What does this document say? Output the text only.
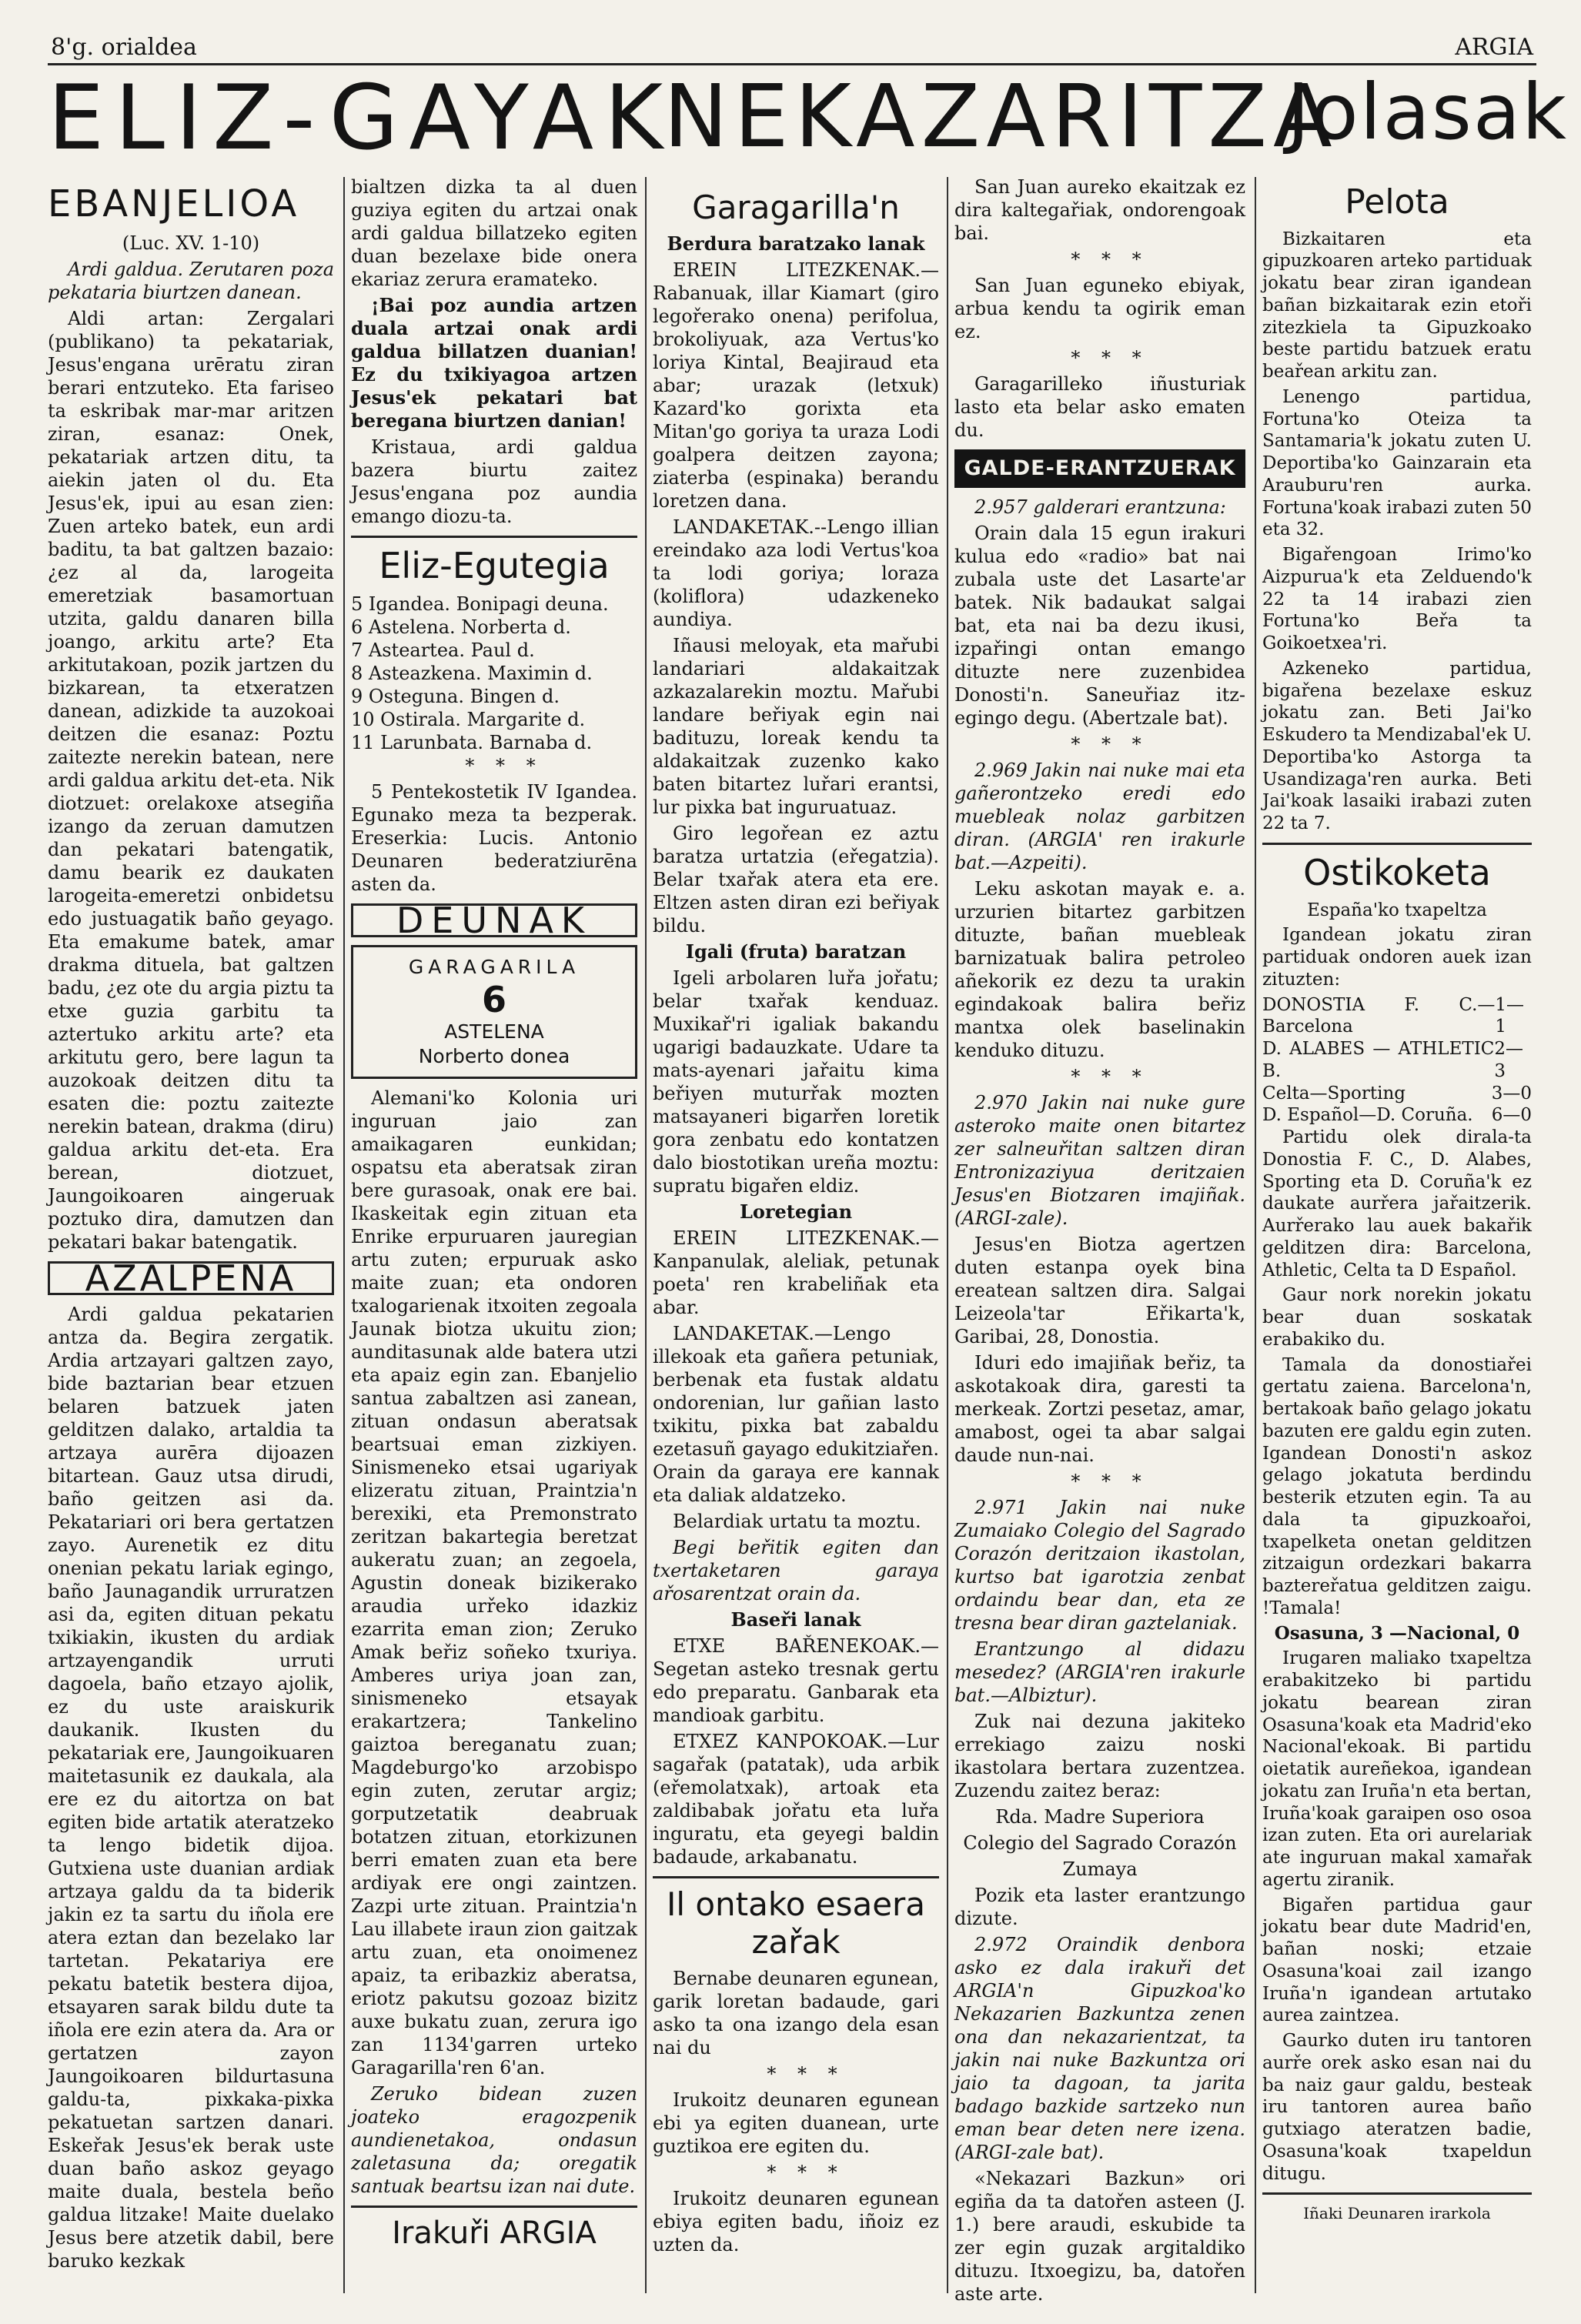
8'g. orialdea	ARGIA
ELIZ-GAYAK
NEKAZARITZA
Jolasak
EBANJELIOA

(Luc. XV. 1-10)

Ardi galdua. Zerutaren poza pekataria biurtzen danean.

Aldi artan: Zergalari (publikano) ta pekatariak, Jesus'engana urēratu ziran berari entzuteko. Eta fariseo ta eskribak mar-mar aritzen ziran, esanaz: Onek, pekatariak artzen ditu, ta aiekin jaten ol du. Eta Jesus'ek, ipui au esan zien: Zuen arteko batek, eun ardi baditu, ta bat galtzen bazaio: ¿ez al da, larogeita emeretziak basamortuan utzita, galdu danaren billa joango, arkitu arte? Eta arkitutakoan, pozik jartzen du bizkarean, ta etxeratzen danean, adizkide ta auzokoai deitzen die esanaz: Poztu zaitezte nerekin batean, nere ardi galdua arkitu det-eta. Nik diotzuet: orelakoxe atsegiña izango da zeruan damutzen dan pekatari batengatik, damu bearik ez daukaten larogeita-emeretzi onbidetsu edo justuagatik baño geyago. Eta emakume batek, amar drakma dituela, bat galtzen badu, ¿ez ote du argia piztu ta etxe guzia garbitu ta aztertuko arkitu arte? eta arkitutu gero, bere lagun ta auzokoak deitzen ditu ta esaten die: poztu zaitezte nerekin batean, drakma (diru) galdua arkitu det-eta. Era berean, diotzuet, Jaungoikoaren aingeruak poztuko dira, damutzen dan pekatari bakar batengatik.

AZALPENA

Ardi galdua pekatarien antza da. Begira zergatik. Ardia artzayari galtzen zayo, bide baztarian bear etzuen belaren batzuek jaten gelditzen dalako, artaldia ta artzaya aurēra dijoazen bitartean. Gauz utsa dirudi, baño geitzen asi da. Pekatariari ori bera gertatzen zayo. Aurenetik ez ditu onenian pekatu lariak egingo, baño Jaunagandik urruratzen asi da, egiten dituan pekatu txikiakin, ikusten du ardiak artzayengandik urruti dagoela, baño etzayo ajolik, ez du uste araiskurik daukanik. Ikusten du pekatariak ere, Jaungoikuaren maitetasunik ez daukala, ala ere ez du aitortza on bat egiten bide artatik ateratzeko ta lengo bidetik dijoa. Gutxiena uste duanian ardiak artzaya galdu da ta biderik jakin ez ta sartu du iñola ere atera eztan dan bezelako lar tartetan. Pekatariya ere pekatu batetik bestera dijoa, etsayaren sarak bildu dute ta iñola ere ezin atera da. Ara or gertatzen zayon Jaungoikoaren bildurtasuna galdu-ta, pixkaka-pixka pekatuetan sartzen danari. Eskeřak Jesus'ek berak uste duan baño askoz geyago maite duala, bestela beño galdua litzake! Maite duelako Jesus bere atzetik dabil, bere baruko kezkak

bialtzen dizka ta al duen guziya egiten du artzai onak ardi galdua billatzeko egiten duan bezelaxe bide onera ekariaz zerura eramateko.

¡Bai poz aundia artzen duala artzai onak ardi galdua billatzen duanian! Ez du txikiyagoa artzen Jesus'ek pekatari bat beregana biurtzen danian!

Kristaua, ardi galdua bazera biurtu zaitez Jesus'engana poz aundia emango diozu-ta.

Eliz-Egutegia
5 Igandea. Bonipagi deuna.
6 Astelena. Norberta d.
7 Asteartea. Paul d.
8 Asteazkena. Maximin d.
9 Osteguna. Bingen d.
10 Ostirala. Margarite d.
11 Larunbata. Barnaba d.

* * *

5 Pentekostetik IV Igandea. Egunako meza ta bezperak. Ereserkia: Lucis. Antonio Deunaren bederatziurēna asten da.

DEUNAK
GARAGARILA
6
ASTELENA
Norberto donea

Alemani'ko Kolonia uri inguruan jaio zan amaikagaren eunkidan; ospatsu eta aberatsak ziran bere gurasoak, onak ere bai. Ikaskeitak egin zituan eta Enrike erpuruaren jauregian artu zuten; erpuruak asko maite zuan; eta ondoren txalogarienak itxoiten zegoala Jaunak biotza ukuitu zion; aunditasunak alde batera utzi eta apaiz egin zan. Ebanjelio santua zabaltzen asi zanean, zituan ondasun aberatsak beartsuai eman zizkiyen. Sinismeneko etsai ugariyak elizeratu zituan, Praintzia'n berexiki, eta Premonstrato zeritzan bakartegia beretzat aukeratu zuan; an zegoela, Agustin doneak bizikerako araudia urřeko idazkiz ezarrita eman zion; Zeruko Amak beřiz soñeko txuriya. Amberes uriya joan zan, sinismeneko etsayak erakartzera; Tankelino gaiztoa bereganatu zuan; Magdeburgo'ko arzobispo egin zuten, zerutar argiz; gorputzetatik deabruak botatzen zituan, etorkizunen berri ematen zuan eta bere ardiyak ere ongi zaintzen. Zazpi urte zituan. Praintzia'n Lau illabete iraun zion gaitzak artu zuan, eta onoimenez apaiz, ta eribazkiz aberatsa, eriotz pakutsu gozoaz bizitz auxe bukatu zuan, zerura igo zan 1134'garren urteko Garagarilla'ren 6'an.

Zeruko bidean zuzen joateko eragozpenik aundienetakoa, ondasun zaletasuna da; oregatik santuak beartsu izan nai dute.

Irakuři ARGIA
Garagarilla'n

Berdura baratzako lanak

EREIN LITEZKENAK.—Rabanuak, illar Kiamart (giro legořerako onena) perifolua, brokoliyuak, aza Vertus'ko loriya Kintal, Beajiraud eta abar; urazak (letxuk) Kazard'ko gorixta eta Mitan'go goriya ta uraza Lodi goalpera deitzen zayona; ziaterba (espinaka) berandu loretzen dana.

LANDAKETAK.--Lengo illian ereindako aza lodi Vertus'koa ta lodi goriya; loraza (koliflora) udazkeneko aundiya.

Iñausi meloyak, eta mařubi landariari aldakaitzak azkazalarekin moztu. Mařubi landare beřiyak egin nai badituzu, loreak kendu ta aldakaitzak zuzenko kako baten bitartez luřari erantsi, lur pixka bat inguruatuaz.

Giro legořean ez aztu baratza urtatzia (eřegatzia). Belar txařak atera eta ere. Eltzen asten diran ezi beřiyak bildu.

Igali (fruta) baratzan

Igeli arbolaren luřa jořatu; belar txařak kenduaz. Muxikař'ri igaliak bakandu ugarigi badauzkate. Udare ta mats-ayenari jařaitu kima beřiyen muturřak mozten matsayaneri bigarřen loretik gora zenbatu edo kontatzen dalo biostotikan ureña moztu: supratu bigařen eldiz.

Loretegian

EREIN LITEZKENAK.—Kanpanulak, aleliak, petunak poeta' ren krabeliñak eta abar.

LANDAKETAK.—Lengo illekoak eta gañera petuniak, berbenak eta fustak aldatu ondorenian, lur gañian lasto txikitu, pixka bat zabaldu ezetasuñ gayago edukitziařen. Orain da garaya ere kannak eta daliak aldatzeko.

Belardiak urtatu ta moztu.

Begi beřitik egiten dan txertaketaren garaya ařosarentzat orain da.

Baseři lanak

ETXE BAŘENEKOAK.—Segetan asteko tresnak gertu edo preparatu. Ganbarak eta mandioak garbitu.

ETXEZ KANPOKOAK.—Lur sagařak (patatak), uda arbik (eřemolatxak), artoak eta zaldibabak jořatu eta luřa inguratu, eta geyegi baldin badaude, arkabanatu.

Il ontako esaera zařak

Bernabe deunaren egunean, garik loretan badaude, gari asko ta ona izango dela esan nai du

* * *

Irukoitz deunaren egunean ebi ya egiten duanean, urte guztikoa ere egiten du.

* * *

Irukoitz deunaren egunean ebiya egiten badu, iñoiz ez uzten da.

San Juan aureko ekaitzak ez dira kaltegařiak, ondorengoak bai.

* * *

San Juan eguneko ebiyak, arbua kendu ta ogirik eman ez.

* * *

Garagarilleko iñusturiak lasto eta belar asko ematen du.

GALDE-ERANTZUERAK

2.957 galderari erantzuna:

Orain dala 15 egun irakuri kulua edo «radio» bat nai zubala uste det Lasarte'ar batek. Nik badaukat salgai bat, eta nai ba dezu ikusi, izpařingi ontan emango dituzte nere zuzenbidea Donosti'n. Saneuřiaz itz-egingo degu. (Abertzale bat).

* * *

2.969 Jakin nai nuke mai eta gañerontzeko eredi edo muebleak nolaz garbitzen diran. (ARGIA' ren irakurle bat.—Azpeiti).

Leku askotan mayak e. a. urzurien bitartez garbitzen dituzte, bañan muebleak barnizatuak balira petroleo añekorik ez dezu ta urakin egindakoak balira beřiz mantxa olek baselinakin kenduko dituzu.

* * *

2.970 Jakin nai nuke gure asteroko maite onen bitartez zer salneuřitan saltzen diran Entronizaziyua deritzaien Jesus'en Biotzaren imajiñak. (ARGI-zale).

Jesus'en Biotza agertzen duten estanpa oyek bina ereatean saltzen dira. Salgai Leizeola'tar Eřikarta'k, Garibai, 28, Donostia.

Iduri edo imajiñak beřiz, ta askotakoak dira, garesti ta merkeak. Zortzi pesetaz, amar, amabost, ogei ta abar salgai daude nun-nai.

* * *

2.971 Jakin nai nuke Zumaiako Colegio del Sagrado Corazón deritzaion ikastolan, kurtso bat igarotzia zenbat ordaindu bear dan, eta ze tresna bear diran gaztelaniak.

Erantzungo al didazu mesedez? (ARGIA'ren irakurle bat.—Albiztur).

Zuk nai dezuna jakiteko errekiago zaizu noski ikastolara bertara zuzentzea. Zuzendu zaitez beraz:

Rda. Madre Superiora

Colegio del Sagrado Corazón

Zumaya

Pozik eta laster erantzungo dizute.

2.972 Oraindik denbora asko ez dala irakuři det ARGIA'n Gipuzkoa'ko Nekazarien Bazkuntza zenen ona dan nekazarientzat, ta jakin nai nuke Bazkuntza ori jaio ta dagoan, ta jarita badago bazkide sartzeko nun eman bear deten nere izena. (ARGI-zale bat).

«Nekazari Bazkun» ori egiña da ta datořen asteen (J. 1.) bere araudi, eskubide ta zer egin guzak argitaldiko dituzu. Itxoegizu, ba, datořen aste arte.

Pelota

Bizkaitaren eta gipuzkoaren arteko partiduak jokatu bear ziran igandean bañan bizkaitarak ezin etoři zitezkiela ta Gipuzkoako beste partidu batzuek eratu beařean arkitu zan.

Lenengo partidua, Fortuna'ko Oteiza ta Santamaria'k jokatu zuten U. Deportiba'ko Gainzarain eta Arauburu'ren aurka. Fortuna'koak irabazi zuten 50 eta 32.

Bigařengoan Irimo'ko Aizpurua'k eta Zelduendo'k 22 ta 14 irabazi zien Fortuna'ko Beřa ta Goikoetxea'ri.

Azkeneko partidua, bigařena bezelaxe eskuz jokatu zan. Beti Jai'ko Eskudero ta Mendizabal'ek U. Deportiba'ko Astorga ta Usandizaga'ren aurka. Beti Jai'koak lasaiki irabazi zuten 22 ta 7.

Ostikoketa

España'ko txapeltza

Igandean jokatu ziran partiduak ondoren auek izan zituzten:

DONOSTIA F. C.—Barcelona
1—1
D. ALABES — ATHLETIC B.
2—3
Celta—Sporting	3—0
D. Español—D. Coruña. 6—0

Partidu olek dirala-ta Donostia F. C., D. Alabes, Sporting eta D. Coruña'k ez daukate aurřera jařaitzerik. Aurřerako lau auek bakařik gelditzen dira: Barcelona, Athletic, Celta ta D Español.

Gaur nork norekin jokatu bear duan soskatak erabakiko du.

Tamala da donostiařei gertatu zaiena. Barcelona'n, bertakoak baño gelago jokatu bazuten ere galdu egin zuten. Igandean Donosti'n askoz gelago jokatuta berdindu besterik etzuten egin. Ta au dala ta gipuzkoařoi, txapelketa onetan gelditzen zitzaigun ordezkari bakarra baztereřatua gelditzen zaigu. !Tamala!

Osasuna, 3 —Nacional, 0

Irugaren maliako txapeltza erabakitzeko bi partidu jokatu bearean ziran Osasuna'koak eta Madrid'eko Nacional'ekoak. Bi partidu oietatik aureñekoa, igandean jokatu zan Iruña'n eta bertan, Iruña'koak garaipen oso osoa izan zuten. Eta ori aurelariak ate inguruan makal xamařak agertu ziranik.

Bigařen partidua gaur jokatu bear dute Madrid'en, bañan noski; etzaie Osasuna'koai zail izango Iruña'n igandean artutako aurea zaintzea.

Gaurko duten iru tantoren aurře orek asko esan nai du ba naiz gaur galdu, besteak iru tantoren aurea baño gutxiago ateratzen badie, Osasuna'koak txapeldun ditugu.

Iñaki Deunaren irarkola
